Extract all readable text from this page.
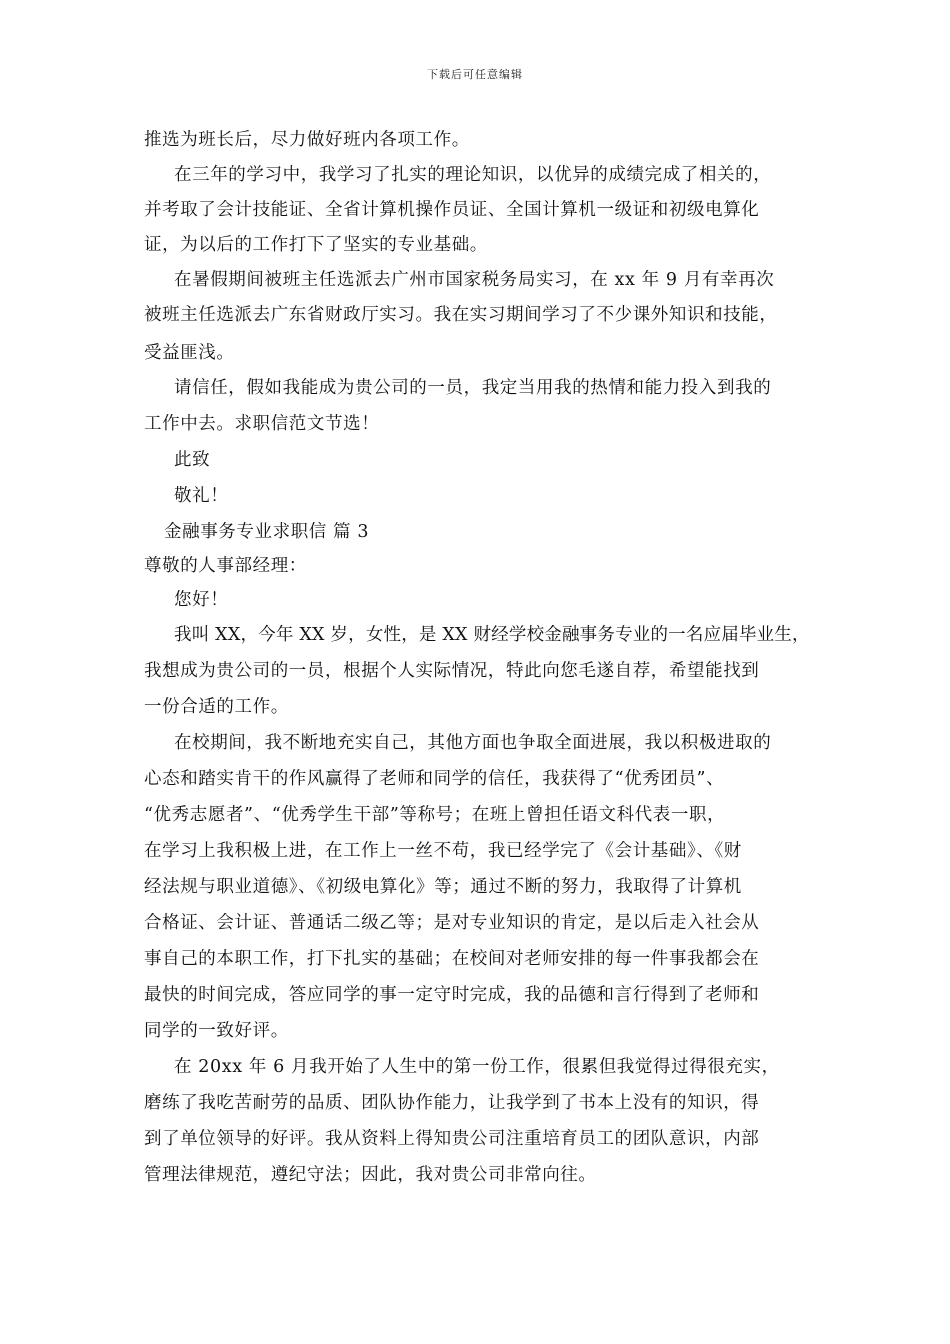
下载后可任意编辑
推选为班长后，尽力做好班内各项工作。
在三年的学习中，我学习了扎实的理论知识，以优异的成绩完成了相关的，
并考取了会计技能证、全省计算机操作员证、全国计算机一级证和初级电算化
证，为以后的工作打下了坚实的专业基础。
在暑假期间被班主任选派去广州市国家税务局实习，在 xx 年 9 月有幸再次
被班主任选派去广东省财政厅实习。我在实习期间学习了不少课外知识和技能，
受益匪浅。
请信任，假如我能成为贵公司的一员，我定当用我的热情和能力投入到我的
工作中去。求职信范文节选！
此致
敬礼！
金融事务专业求职信 篇 3
尊敬的人事部经理：
您好！
我叫 XX，今年 XX 岁，女性，是 XX 财经学校金融事务专业的一名应届毕业生，
我想成为贵公司的一员，根据个人实际情况，特此向您毛遂自荐，希望能找到
一份合适的工作。
在校期间，我不断地充实自己，其他方面也争取全面进展，我以积极进取的
心态和踏实肯干的作风赢得了老师和同学的信任，我获得了“优秀团员”、
“优秀志愿者”、“优秀学生干部”等称号；在班上曾担任语文科代表一职，
在学习上我积极上进，在工作上一丝不苟，我已经学完了《会计基础》、《财
经法规与职业道德》、《初级电算化》等；通过不断的努力，我取得了计算机
合格证、会计证、普通话二级乙等；是对专业知识的肯定，是以后走入社会从
事自己的本职工作，打下扎实的基础；在校间对老师安排的每一件事我都会在
最快的时间完成，答应同学的事一定守时完成，我的品德和言行得到了老师和
同学的一致好评。
在 20xx 年 6 月我开始了人生中的第一份工作，很累但我觉得过得很充实，
磨练了我吃苦耐劳的品质、团队协作能力，让我学到了书本上没有的知识，得
到了单位领导的好评。我从资料上得知贵公司注重培育员工的团队意识，内部
管理法律规范，遵纪守法；因此，我对贵公司非常向往。
